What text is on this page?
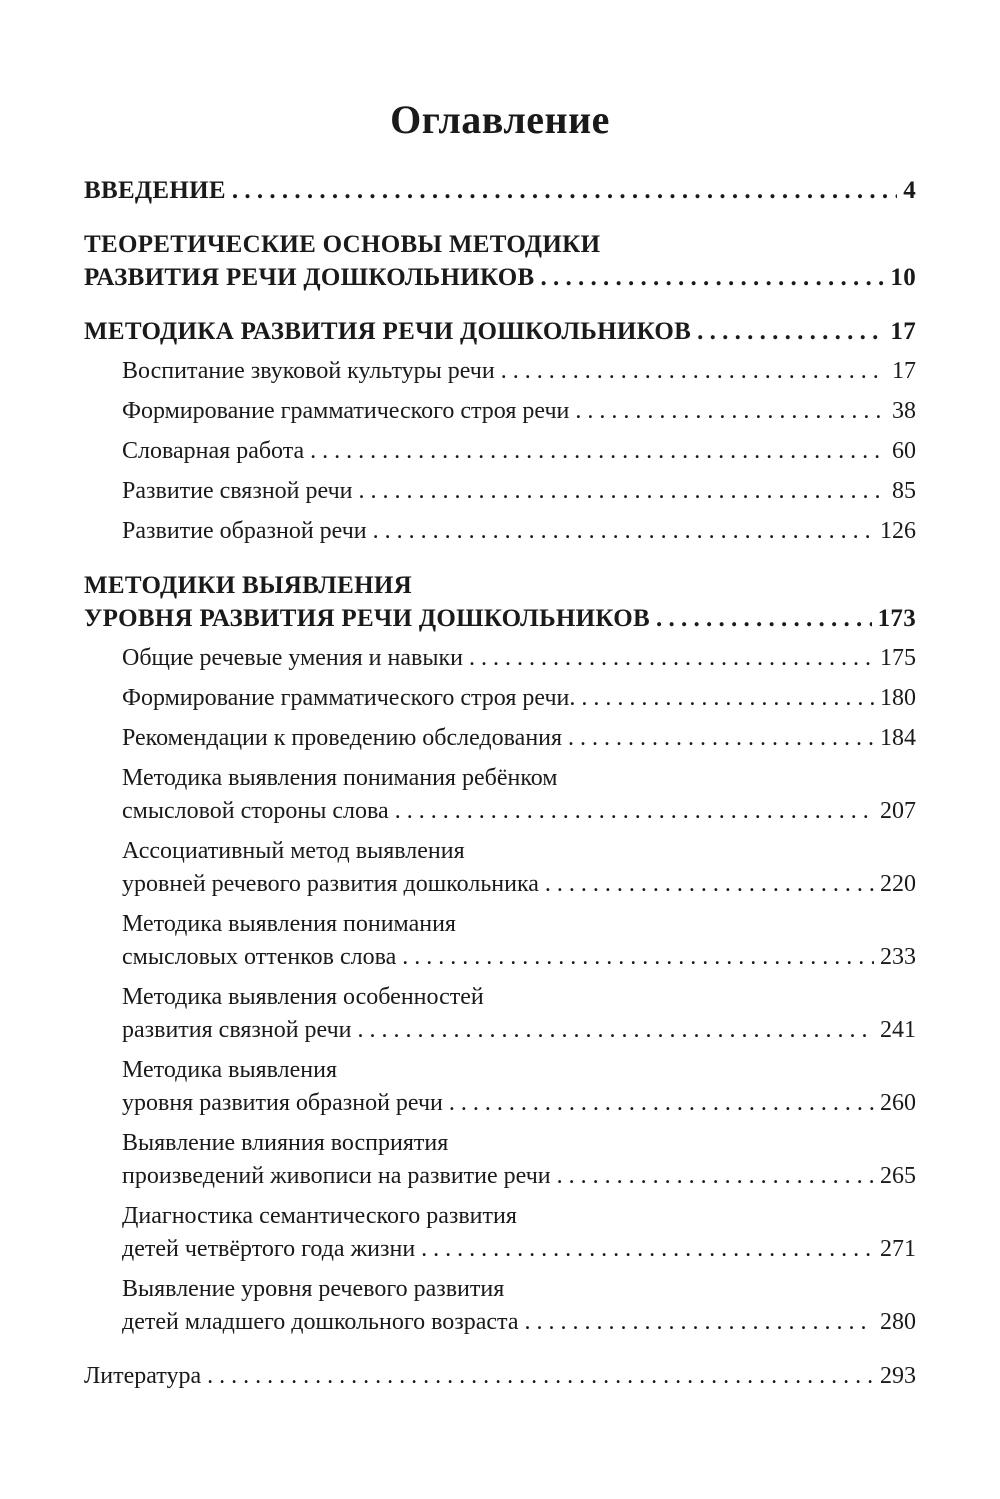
Оглавление
ВВЕДЕНИЕ . . .	4
ТЕОРЕТИЧЕСКИЕ ОСНОВЫ МЕТОДИКИ
РАЗВИТИЯ РЕЧИ ДОШКОЛЬНИКОВ . . .	10
МЕТОДИКА РАЗВИТИЯ РЕЧИ ДОШКОЛЬНИКОВ . . .	17
Воспитание звуковой культуры речи . . .	17
Формирование грамматического строя речи . . .	38
Словарная работа . . .	60
Развитие связной речи . . .	85
Развитие образной речи . . .	126
МЕТОДИКИ ВЫЯВЛЕНИЯ
УРОВНЯ РАЗВИТИЯ РЕЧИ ДОШКОЛЬНИКОВ . . .	173
Общие речевые умения и навыки . . .	175
Формирование грамматического строя речи. . . .	180
Рекомендации к проведению обследования . . .	184
Методика выявления понимания ребёнком
смысловой стороны слова . . .	207
Ассоциативный метод выявления
уровней речевого развития дошкольника . . .	220
Методика выявления понимания
смысловых оттенков слова . . .	233
Методика выявления особенностей
развития связной речи . . .	241
Методика выявления
уровня развития образной речи . . .	260
Выявление влияния восприятия
произведений живописи на развитие речи . . .	265
Диагностика семантического развития
детей четвёртого года жизни . . .	271
Выявление уровня речевого развития
детей младшего дошкольного возраста . . .	280
Литература . . .	293
